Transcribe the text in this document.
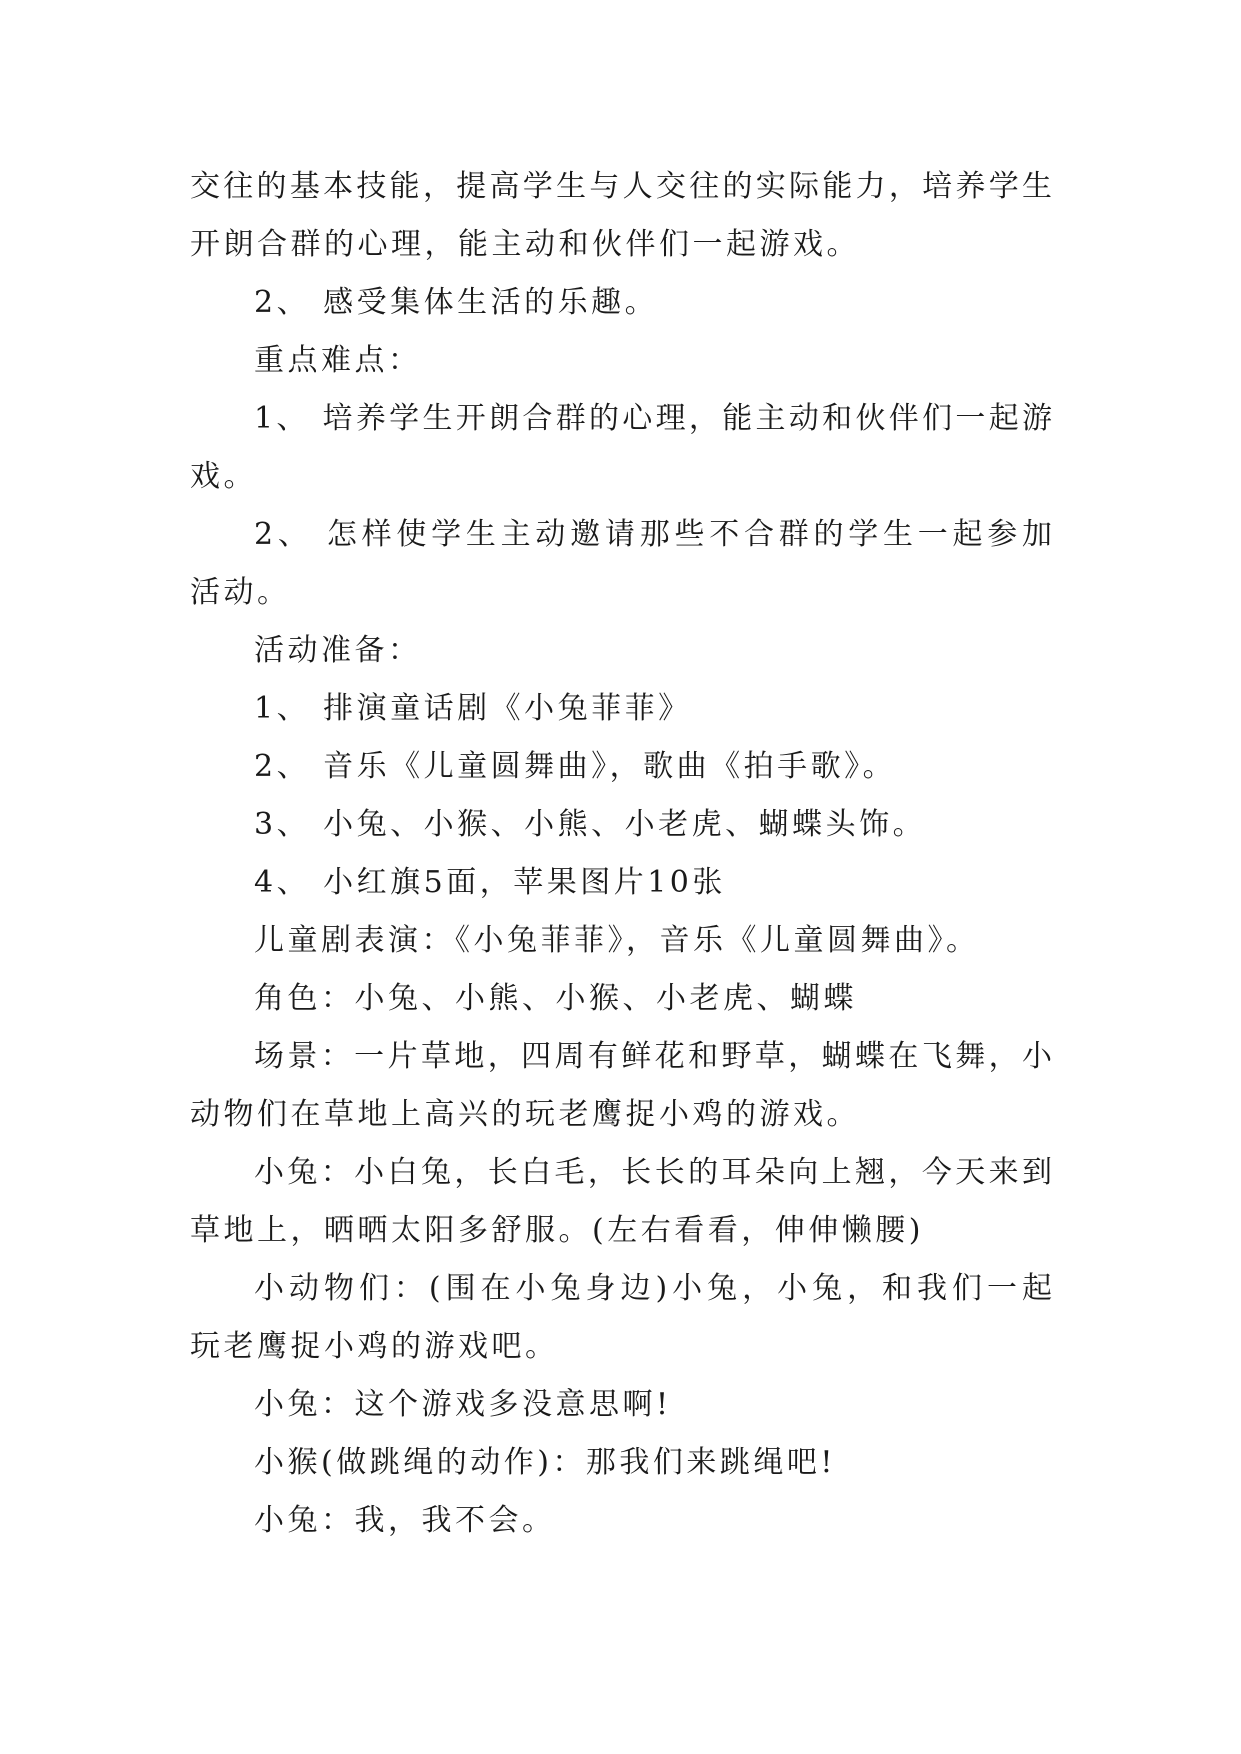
交往的基本技能，提高学生与人交往的实际能力，培养学生
开朗合群的心理，能主动和伙伴们一起游戏。
2、 感受集体生活的乐趣。
重点难点：
1、 培养学生开朗合群的心理，能主动和伙伴们一起游
戏。
2、 怎样使学生主动邀请那些不合群的学生一起参加
活动。
活动准备：
1、 排演童话剧《小兔菲菲》
2、 音乐《儿童圆舞曲》，歌曲《拍手歌》。
3、 小兔、小猴、小熊、小老虎、蝴蝶头饰。
4、 小红旗5面，苹果图片10张
儿童剧表演：《小兔菲菲》，音乐《儿童圆舞曲》。
角色：小兔、小熊、小猴、小老虎、蝴蝶
场景：一片草地，四周有鲜花和野草，蝴蝶在飞舞，小
动物们在草地上高兴的玩老鹰捉小鸡的游戏。
小兔：小白兔，长白毛，长长的耳朵向上翘，今天来到
草地上，晒晒太阳多舒服。(左右看看，伸伸懒腰)
小动物们：(围在小兔身边)小兔，小兔，和我们一起
玩老鹰捉小鸡的游戏吧。
小兔：这个游戏多没意思啊!
小猴(做跳绳的动作)：那我们来跳绳吧!
小兔：我，我不会。
